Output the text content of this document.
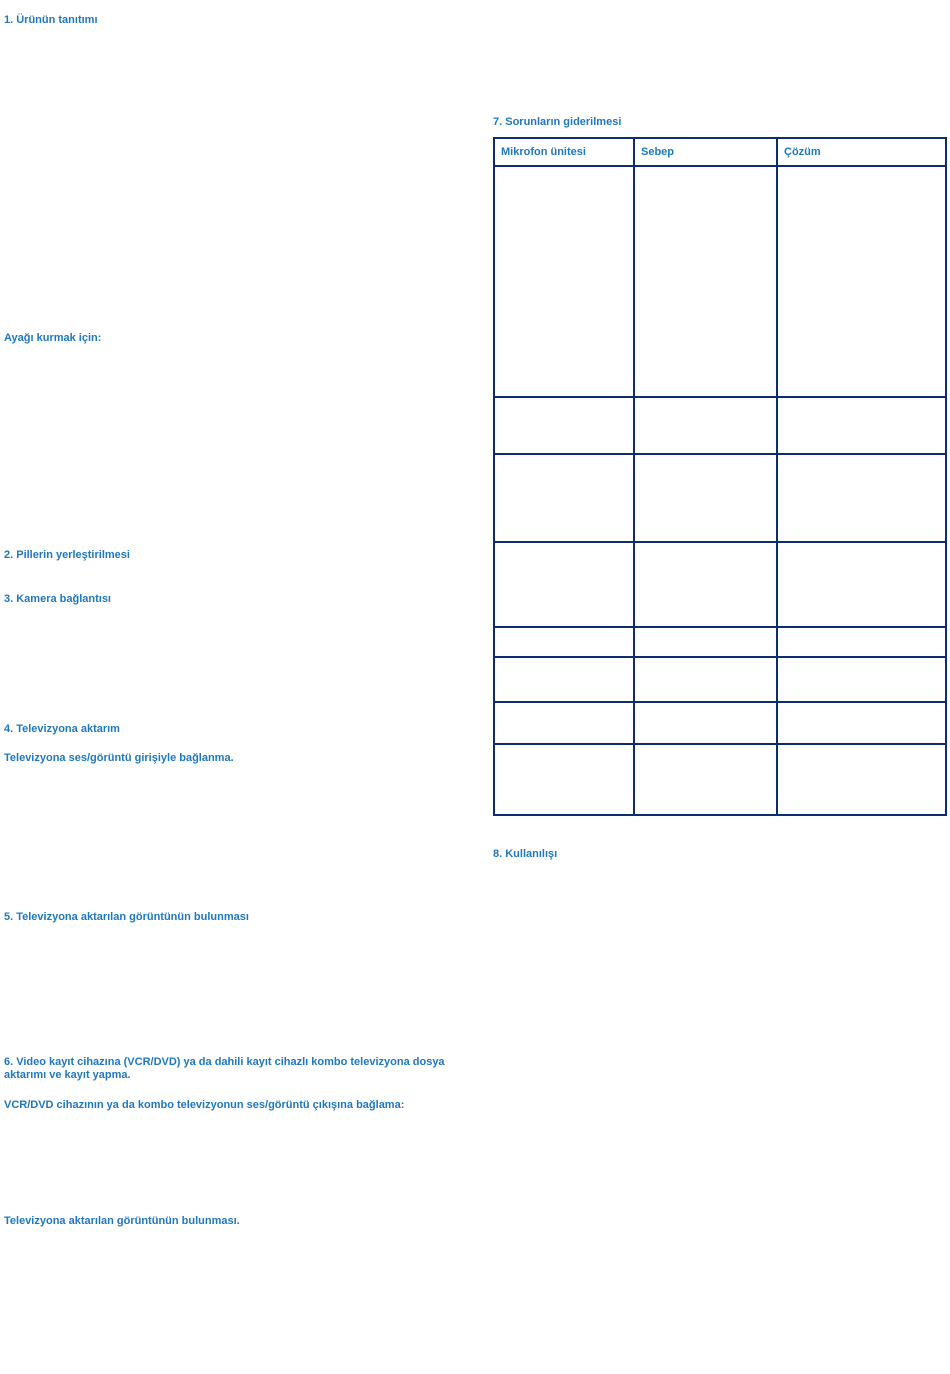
1. Ürünün tanıtımı
Ayağı kurmak için:
2. Pillerin yerleştirilmesi
3. Kamera bağlantısı
4. Televizyona aktarım
Televizyona ses/görüntü girişiyle bağlanma.
5. Televizyona aktarılan görüntünün bulunması
6. Video kayıt cihazına (VCR/DVD) ya da dahili kayıt cihazlı kombo televizyona dosya aktarımı ve kayıt yapma.
VCR/DVD cihazının ya da kombo televizyonun ses/görüntü çıkışına bağlama:
Televizyona aktarılan görüntünün bulunması.
7. Sorunların giderilmesi
Mikrofon ünitesi	Sebep	Çözüm

8. Kullanılışı
